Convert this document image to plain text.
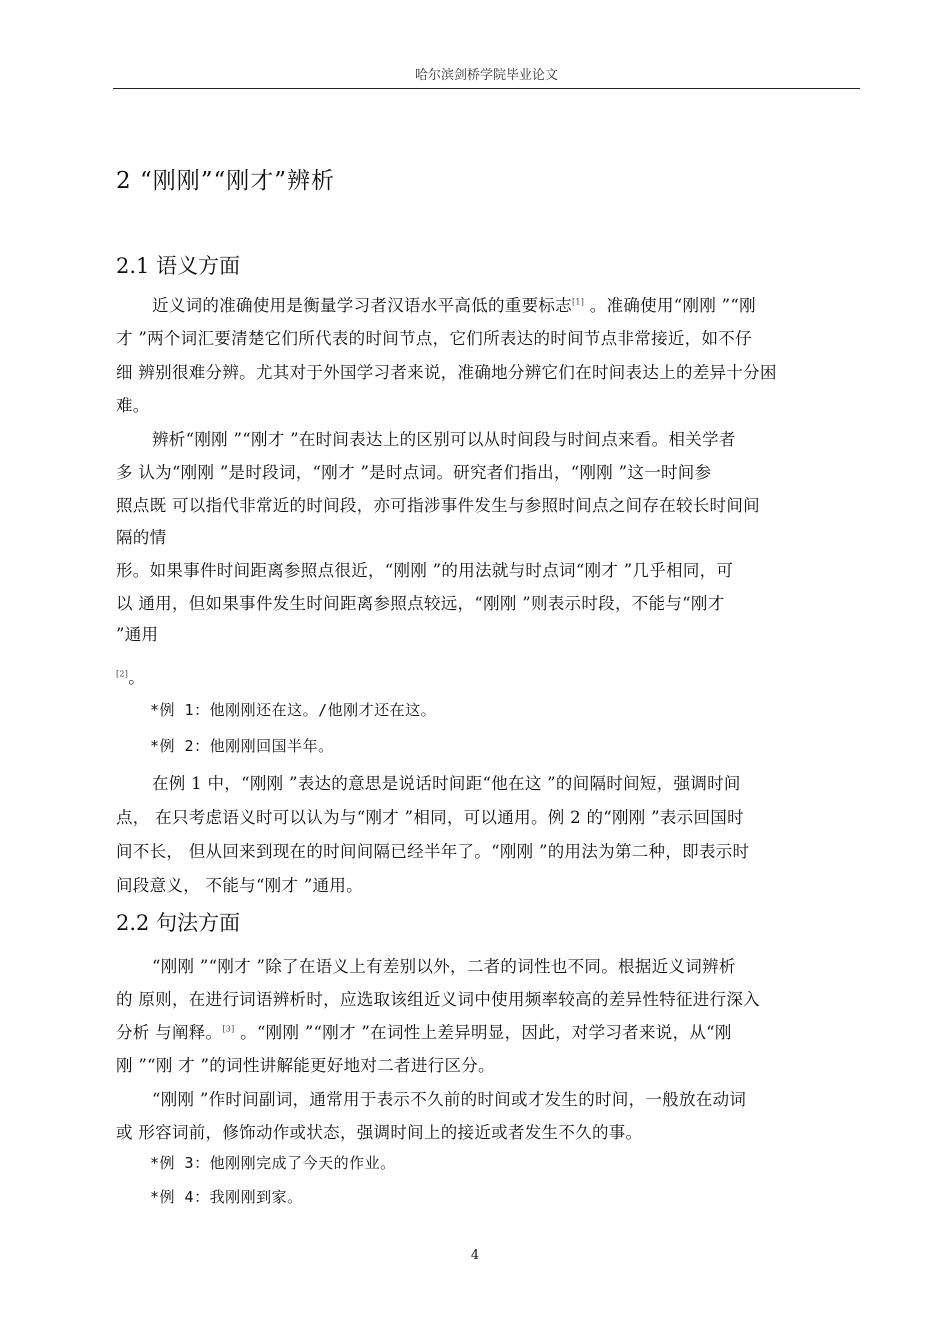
哈尔滨剑桥学院毕业论文
2 “刚刚”“刚才”辨析
2.1 语义方面
近义词的准确使用是衡量学习者汉语水平高低的重要标志[1] 。准确使用“刚刚 ”“刚
才 ”两个词汇要清楚它们所代表的时间节点，它们所表达的时间节点非常接近，如不仔
细 辨别很难分辨。尤其对于外国学习者来说，准确地分辨它们在时间表达上的差异十分困
难。
辨析“刚刚 ”“刚才 ”在时间表达上的区别可以从时间段与时间点来看。相关学者
多 认为“刚刚 ”是时段词，“刚才 ”是时点词。研究者们指出，“刚刚 ”这一时间参
照点既 可以指代非常近的时间段，亦可指涉事件发生与参照时间点之间存在较长时间间
隔的情
形。如果事件时间距离参照点很近，“刚刚 ”的用法就与时点词“刚才 ”几乎相同，可
以 通用，但如果事件发生时间距离参照点较远，“刚刚 ”则表示时段，不能与“刚才
”通用
[2]。
*例 1：他刚刚还在这。/他刚才还在这。
*例 2：他刚刚回国半年。
在例 1 中，“刚刚 ”表达的意思是说话时间距“他在这 ”的间隔时间短，强调时间
点， 在只考虑语义时可以认为与“刚才 ”相同，可以通用。例 2 的“刚刚 ”表示回国时
间不长， 但从回来到现在的时间间隔已经半年了。“刚刚 ”的用法为第二种，即表示时
间段意义， 不能与“刚才 ”通用。
2.2 句法方面
“刚刚 ”“刚才 ”除了在语义上有差别以外，二者的词性也不同。根据近义词辨析
的 原则，在进行词语辨析时，应选取该组近义词中使用频率较高的差异性特征进行深入
分析 与阐释。[3] 。“刚刚 ”“刚才 ”在词性上差异明显，因此，对学习者来说，从“刚
刚 ”“刚 才 ”的词性讲解能更好地对二者进行区分。
“刚刚 ”作时间副词，通常用于表示不久前的时间或才发生的时间，一般放在动词
或 形容词前，修饰动作或状态，强调时间上的接近或者发生不久的事。
*例 3：他刚刚完成了今天的作业。
*例 4：我刚刚到家。
4
